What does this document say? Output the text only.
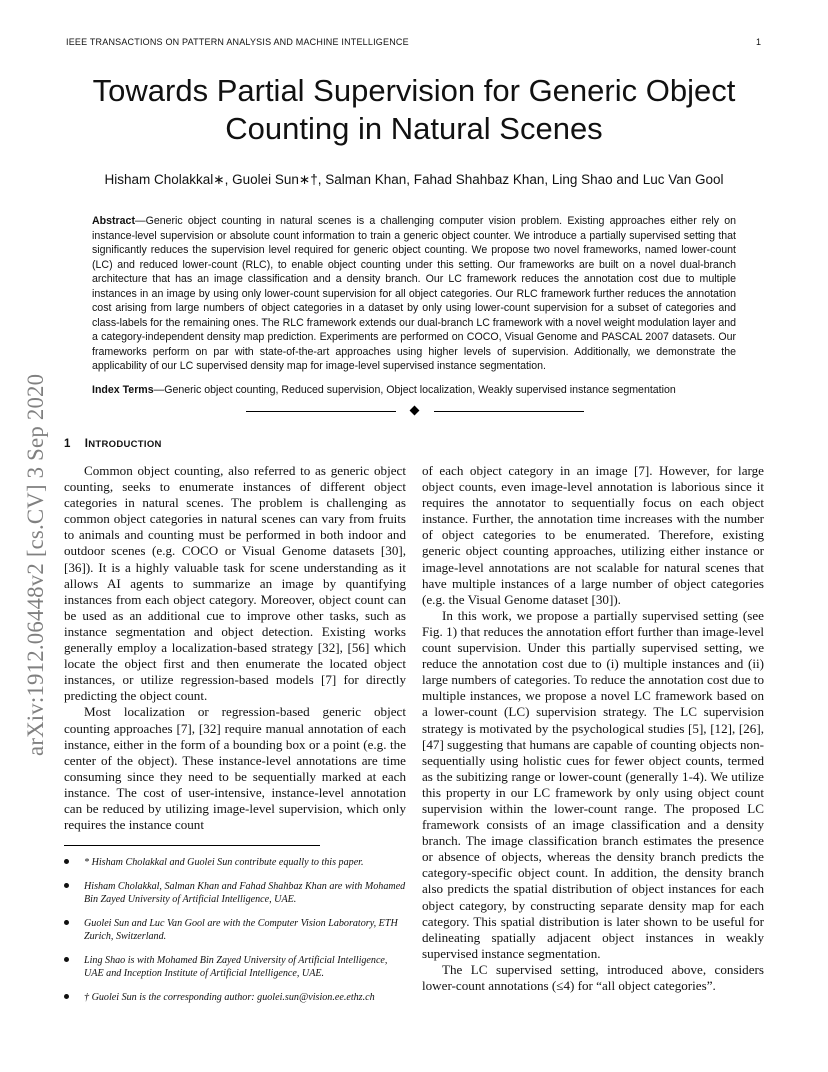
IEEE TRANSACTIONS ON PATTERN ANALYSIS AND MACHINE INTELLIGENCE	1
arXiv:1912.06448v2 [cs.CV] 3 Sep 2020
Towards Partial Supervision for Generic Object
Counting in Natural Scenes
Hisham Cholakkal∗, Guolei Sun∗†, Salman Khan, Fahad Shahbaz Khan, Ling Shao and Luc Van Gool

Abstract—Generic object counting in natural scenes is a challenging computer vision problem. Existing approaches either rely on instance-level supervision or absolute count information to train a generic object counter. We introduce a partially supervised setting that significantly reduces the supervision level required for generic object counting. We propose two novel frameworks, named lower-count (LC) and reduced lower-count (RLC), to enable object counting under this setting. Our frameworks are built on a novel dual-branch architecture that has an image classification and a density branch. Our LC framework reduces the annotation cost due to multiple instances in an image by using only lower-count supervision for all object categories. Our RLC framework further reduces the annotation cost arising from large numbers of object categories in a dataset by only using lower-count supervision for a subset of categories and class-labels for the remaining ones. The RLC framework extends our dual-branch LC framework with a novel weight modulation layer and a category-independent density map prediction. Experiments are performed on COCO, Visual Genome and PASCAL 2007 datasets. Our frameworks perform on par with state-of-the-art approaches using higher levels of supervision. Additionally, we demonstrate the applicability of our LC supervised density map for image-level supervised instance segmentation.

Index Terms—Generic object counting, Reduced supervision, Object localization, Weakly supervised instance segmentation

1 INTRODUCTION

Common object counting, also referred to as generic object counting, seeks to enumerate instances of different object categories in natural scenes. The problem is challenging as common object categories in natural scenes can vary from fruits to animals and counting must be performed in both indoor and outdoor scenes (e.g. COCO or Visual Genome datasets [30], [36]). It is a highly valuable task for scene understanding as it allows AI agents to summarize an image by quantifying instances from each object category. Moreover, object count can be used as an additional cue to improve other tasks, such as instance segmentation and object detection. Existing works generally employ a localization-based strategy [32], [56] which locate the object first and then enumerate the located object instances, or utilize regression-based models [7] for directly predicting the object count.

Most localization or regression-based generic object counting approaches [7], [32] require manual annotation of each instance, either in the form of a bounding box or a point (e.g. the center of the object). These instance-level annotations are time consuming since they need to be sequentially marked at each instance. The cost of user-intensive, instance-level annotation can be reduced by utilizing image-level supervision, which only requires the instance count

of each object category in an image [7]. However, for large object counts, even image-level annotation is laborious since it requires the annotator to sequentially focus on each object instance. Further, the annotation time increases with the number of object categories to be enumerated. Therefore, existing generic object counting approaches, utilizing either instance or image-level annotations are not scalable for natural scenes that have multiple instances of a large number of object categories (e.g. the Visual Genome dataset [30]).

In this work, we propose a partially supervised setting (see Fig. 1) that reduces the annotation effort further than image-level count supervision. Under this partially supervised setting, we reduce the annotation cost due to (i) multiple instances and (ii) large numbers of categories. To reduce the annotation cost due to multiple instances, we propose a novel LC framework based on a lower-count (LC) supervision strategy. The LC supervision strategy is motivated by the psychological studies [5], [12], [26], [47] suggesting that humans are capable of counting objects non-sequentially using holistic cues for fewer object counts, termed as the subitizing range or lower-count (generally 1-4). We utilize this property in our LC framework by only using object count supervision within the lower-count range. The proposed LC framework consists of an image classification and a density branch. The image classification branch estimates the presence or absence of objects, whereas the density branch predicts the category-specific object count. In addition, the density branch also predicts the spatial distribution of object instances for each object category, by constructing separate density map for each category. This spatial distribution is later shown to be useful for delineating spatially adjacent object instances in weakly supervised instance segmentation.

The LC supervised setting, introduced above, considers lower-count annotations (≤4) for “all object categories”.

* Hisham Cholakkal and Guolei Sun contribute equally to this paper.
Hisham Cholakkal, Salman Khan and Fahad Shahbaz Khan are with Mohamed Bin Zayed University of Artificial Intelligence, UAE.
Guolei Sun and Luc Van Gool are with the Computer Vision Laboratory, ETH Zurich, Switzerland.
Ling Shao is with Mohamed Bin Zayed University of Artificial Intelligence, UAE and Inception Institute of Artificial Intelligence, UAE.
† Guolei Sun is the corresponding author: guolei.sun@vision.ee.ethz.ch
